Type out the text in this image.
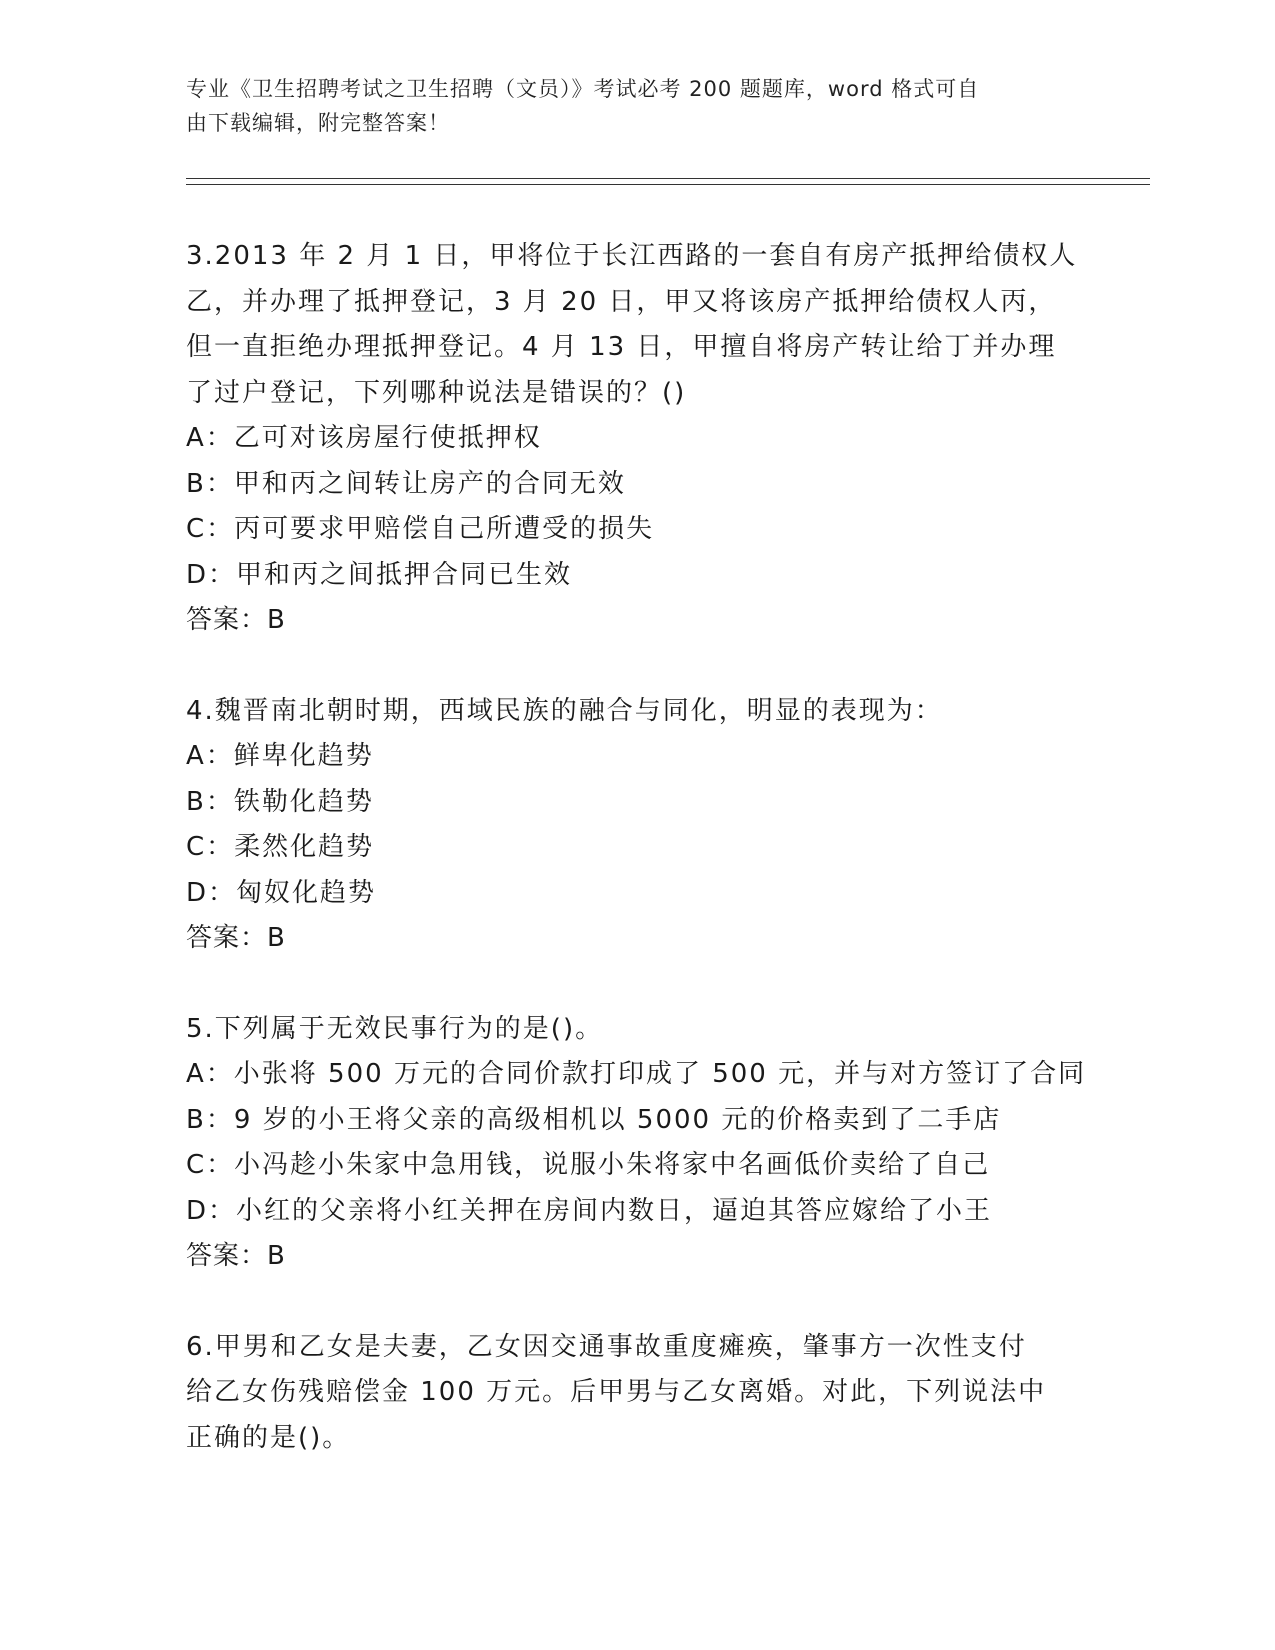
专业《卫生招聘考试之卫生招聘（文员）》考试必考 200 题题库，word 格式可自
由下载编辑，附完整答案！
3.2013 年 2 月 1 日，甲将位于长江西路的一套自有房产抵押给债权人
乙，并办理了抵押登记，3 月 20 日，甲又将该房产抵押给债权人丙，
但一直拒绝办理抵押登记。4 月 13 日，甲擅自将房产转让给丁并办理
了过户登记，下列哪种说法是错误的？()
A：乙可对该房屋行使抵押权
B：甲和丙之间转让房产的合同无效
C：丙可要求甲赔偿自己所遭受的损失
D：甲和丙之间抵押合同已生效
答案：B
4.魏晋南北朝时期，西域民族的融合与同化，明显的表现为：
A：鲜卑化趋势
B：铁勒化趋势
C：柔然化趋势
D：匈奴化趋势
答案：B
5.下列属于无效民事行为的是()。
A：小张将 500 万元的合同价款打印成了 500 元，并与对方签订了合同
B：9 岁的小王将父亲的高级相机以 5000 元的价格卖到了二手店
C：小冯趁小朱家中急用钱，说服小朱将家中名画低价卖给了自己
D：小红的父亲将小红关押在房间内数日，逼迫其答应嫁给了小王
答案：B
6.甲男和乙女是夫妻，乙女因交通事故重度瘫痪，肇事方一次性支付
给乙女伤残赔偿金 100 万元。后甲男与乙女离婚。对此，下列说法中
正确的是()。
